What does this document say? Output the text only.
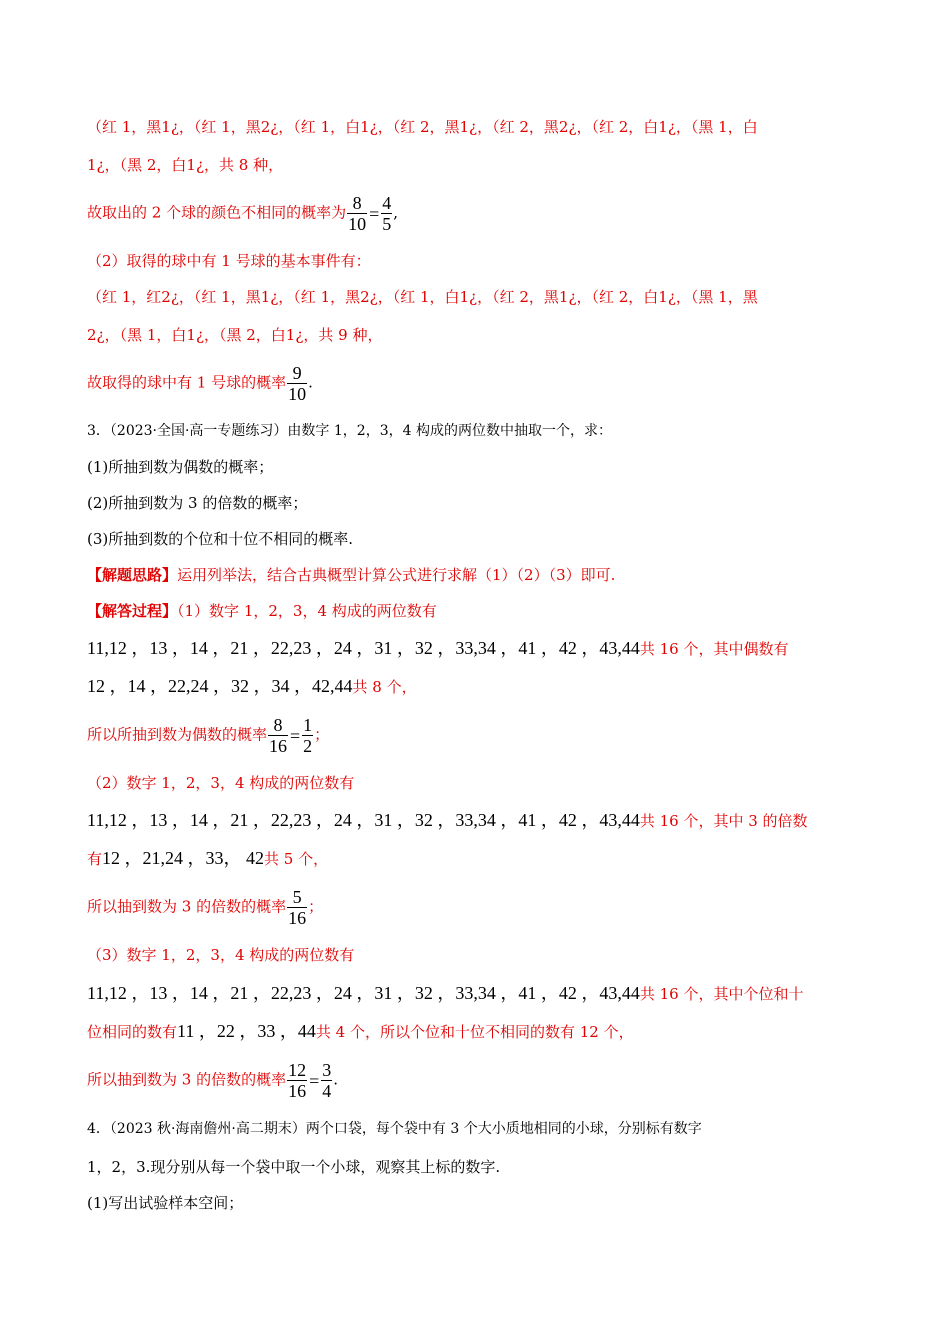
（红 1，黑1¿，（红 1，黑2¿，（红 1，白1¿，（红 2，黑1¿，（红 2，黑2¿，（红 2，白1¿，（黑 1，白
1¿，（黑 2，白1¿，共 8 种，
故取出的 2 个球的颜色不相同的概率为 $\frac{8}{10} = \frac{4}{5}$ ,
（2）取得的球中有 1 号球的基本事件有：
（红 1，红2¿，（红 1，黑1¿，（红 1，黑2¿，（红 1，白1¿，（红 2，黑1¿，（红 2，白1¿，（黑 1，黑
2¿，（黑 1，白1¿，（黑 2，白1¿，共 9 种，
故取得的球中有 1 号球的概率 $\frac{9}{10}$ .
3．（2023·全国·高一专题练习）由数字 1，2，3，4 构成的两位数中抽取一个，求：
(1)所抽到数为偶数的概率；
(2)所抽到数为 3 的倍数的概率；
(3)所抽到数的个位和十位不相同的概率.
【解题思路】运用列举法，结合古典概型计算公式进行求解（1）（2）（3）即可.
【解答过程】（1）数字 1，2，3，4 构成的两位数有
11,12 ，13 ，14 ，21 ，22,23 ，24 ，31 ，32 ，33,34 ，41 ，42 ，43,44共 16 个，其中偶数有
12 ，14 ，22,24 ，32 ，34 ，42,44共 8 个，
所以所抽到数为偶数的概率 $\frac{8}{16} = \frac{1}{2}$ ；
（2）数字 1，2，3，4 构成的两位数有
11,12 ，13 ，14 ，21 ，22,23 ，24 ，31 ，32 ，33,34 ，41 ，42 ，43,44共 16 个，其中 3 的倍数
有12 ，21,24 ，33， 42共 5 个，
所以抽到数为 3 的倍数的概率 $\frac{5}{16}$ ；
（3）数字 1，2，3，4 构成的两位数有
11,12 ，13 ，14 ，21 ，22,23 ，24 ，31 ，32 ，33,34 ，41 ，42 ，43,44共 16 个，其中个位和十
位相同的数有11 ，22 ，33 ，44共 4 个，所以个位和十位不相同的数有 12 个，
所以抽到数为 3 的倍数的概率 $\frac{12}{16} = \frac{3}{4}$ .
4．（2023 秋·海南儋州·高二期末）两个口袋，每个袋中有 3 个大小质地相同的小球，分别标有数字
1，2，3.现分别从每一个袋中取一个小球，观察其上标的数字.
(1)写出试验样本空间；
